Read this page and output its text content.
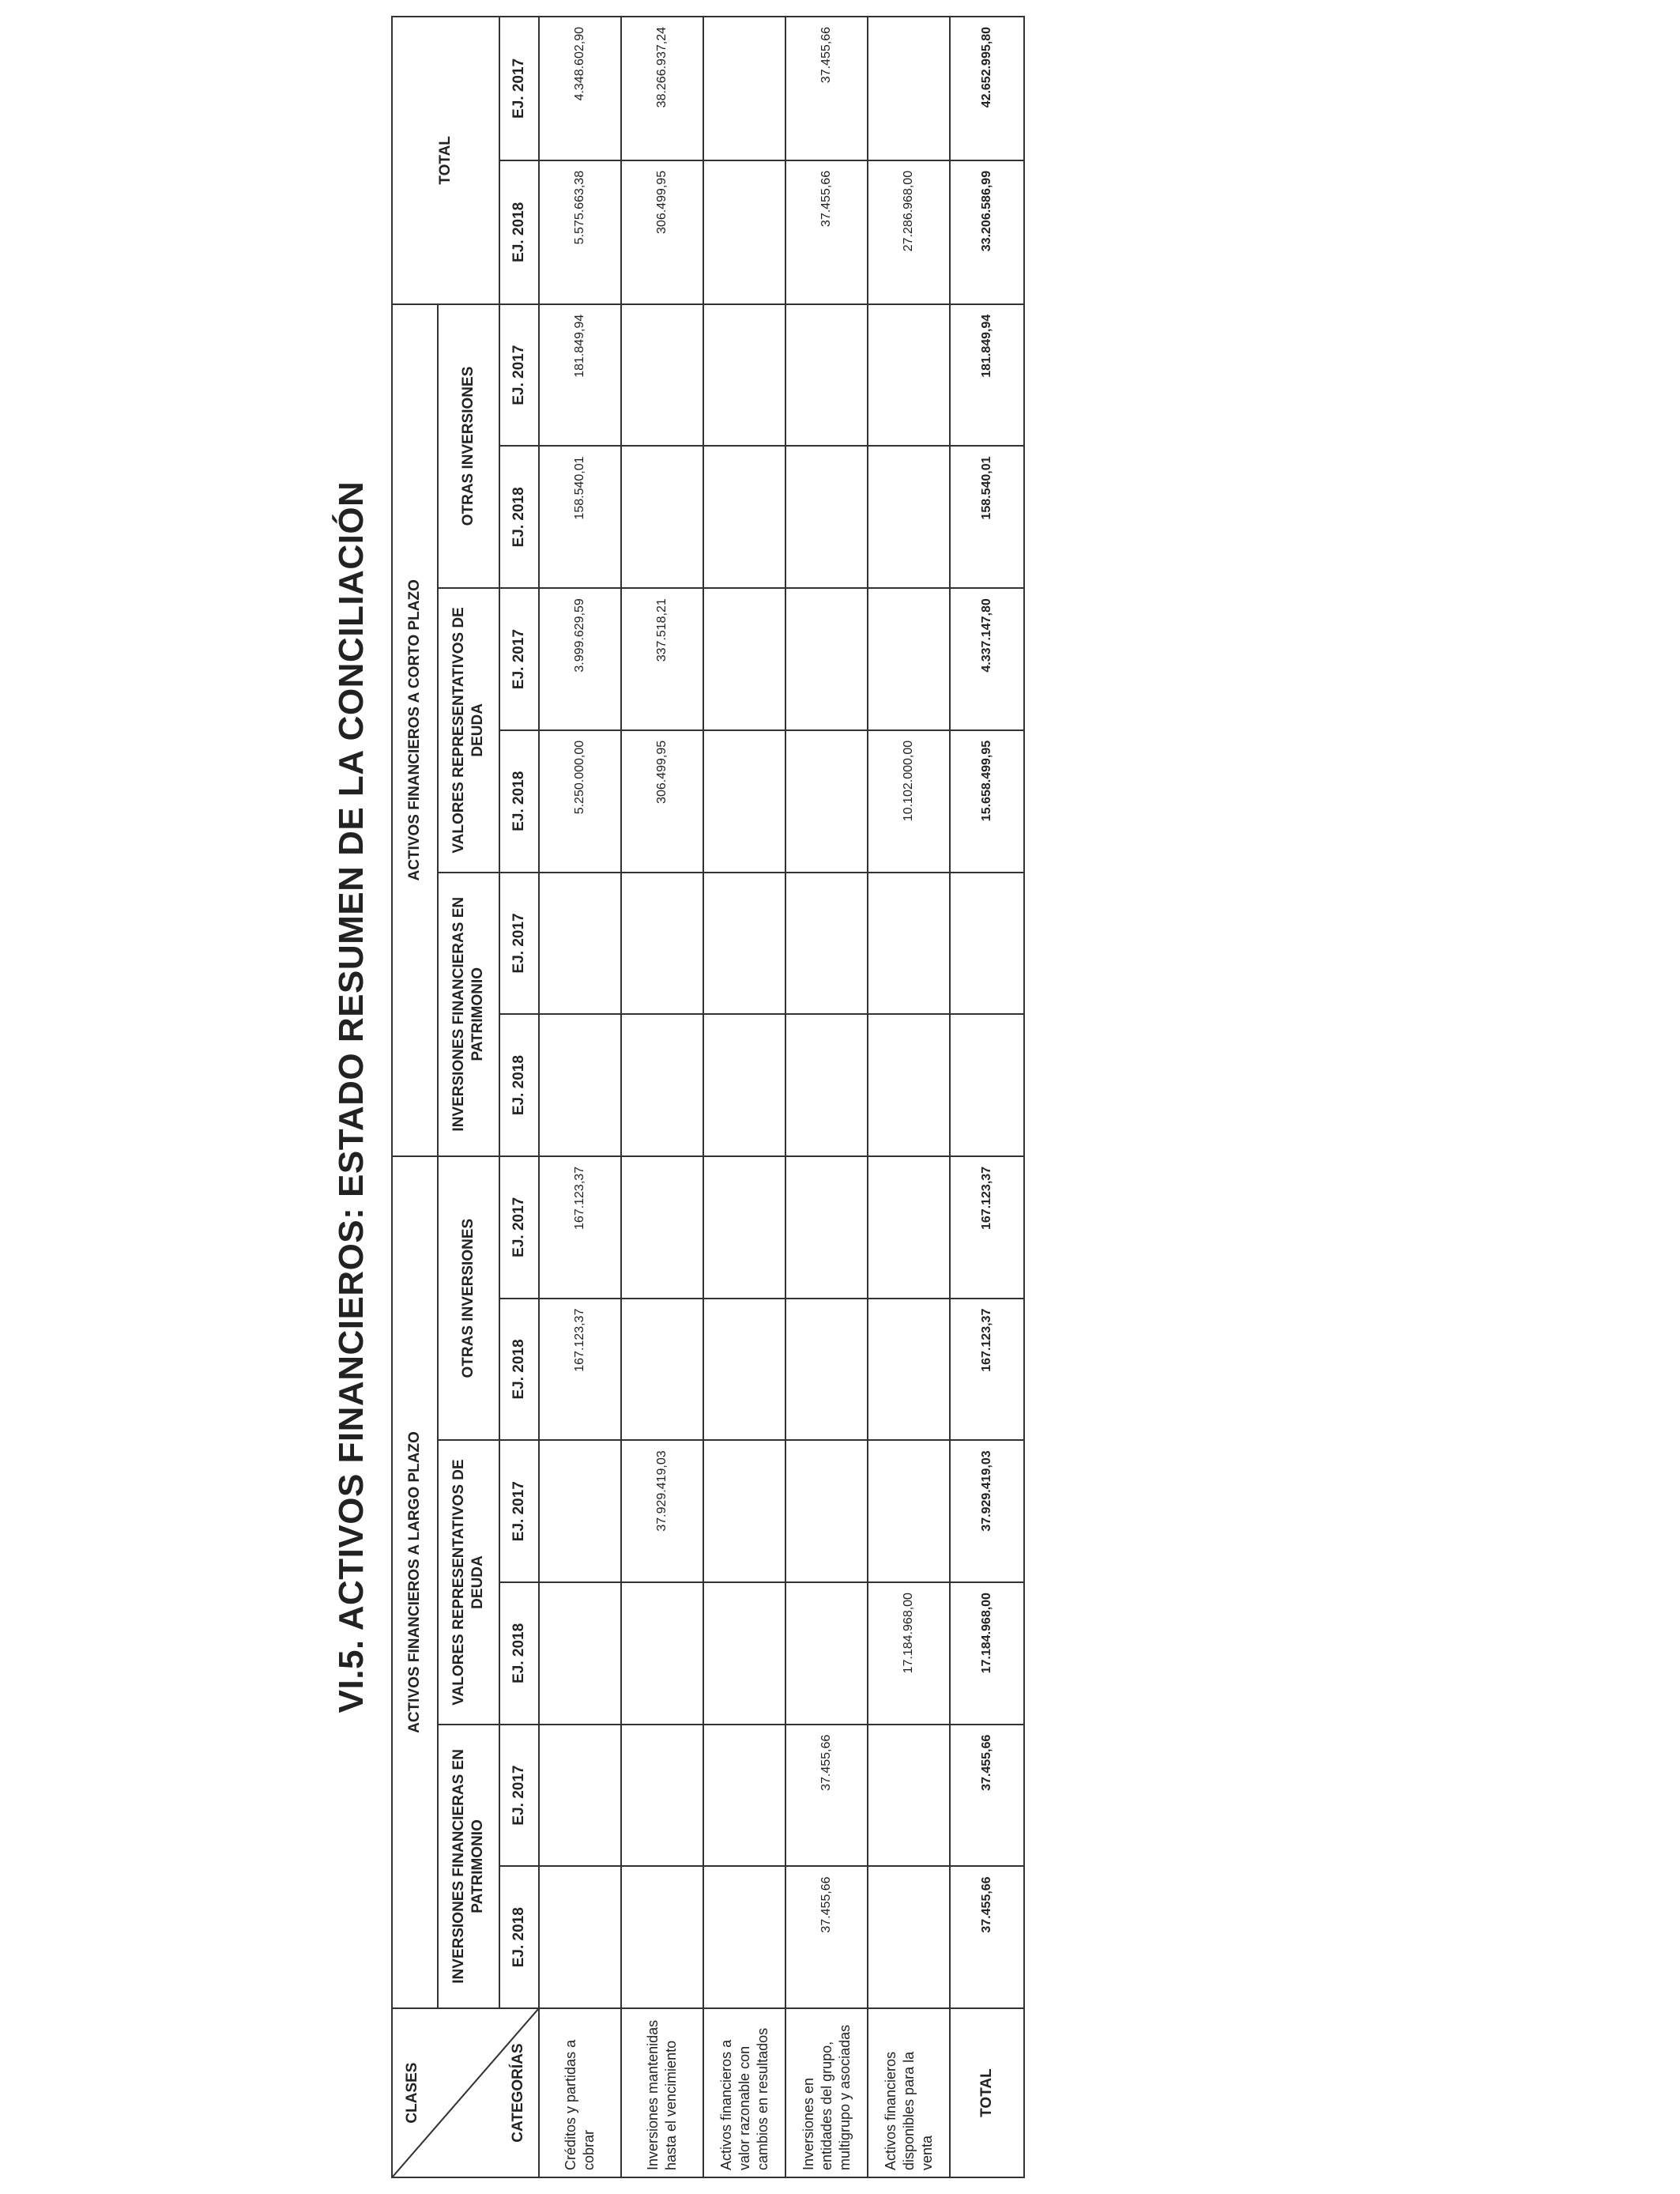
VI.5. ACTIVOS FINANCIEROS: ESTADO RESUMEN DE LA CONCILIACIÓN
CLASES CATEGORÍAS	ACTIVOS FINANCIEROS A LARGO PLAZO						ACTIVOS FINANCIEROS A CORTO PLAZO						TOTAL	
	INVERSIONES FINANCIERAS EN PATRIMONIO		VALORES REPRESENTATIVOS DE DEUDA		OTRAS INVERSIONES		INVERSIONES FINANCIERAS EN PATRIMONIO		VALORES REPRESENTATIVOS DE DEUDA		OTRAS INVERSIONES			
	EJ. 2018	EJ. 2017	EJ. 2018	EJ. 2017	EJ. 2018	EJ. 2017	EJ. 2018	EJ. 2017	EJ. 2018	EJ. 2017	EJ. 2018	EJ. 2017	EJ. 2018	EJ. 2017
Créditos y partidas a cobrar					167.123,37	167.123,37			5.250.000,00	3.999.629,59	158.540,01	181.849,94	5.575.663,38	4.348.602,90
Inversiones mantenidas hasta el vencimiento				37.929.419,03					306.499,95	337.518,21			306.499,95	38.266.937,24
Activos financieros a valor razonable con cambios en resultados														
Inversiones en entidades del grupo, multigrupo y asociadas	37.455,66	37.455,66											37.455,66	37.455,66
Activos financieros disponibles para la venta			17.184.968,00						10.102.000,00				27.286.968,00	
TOTAL	37.455,66	37.455,66	17.184.968,00	37.929.419,03	167.123,37	167.123,37			15.658.499,95	4.337.147,80	158.540,01	181.849,94	33.206.586,99	42.652.995,80
